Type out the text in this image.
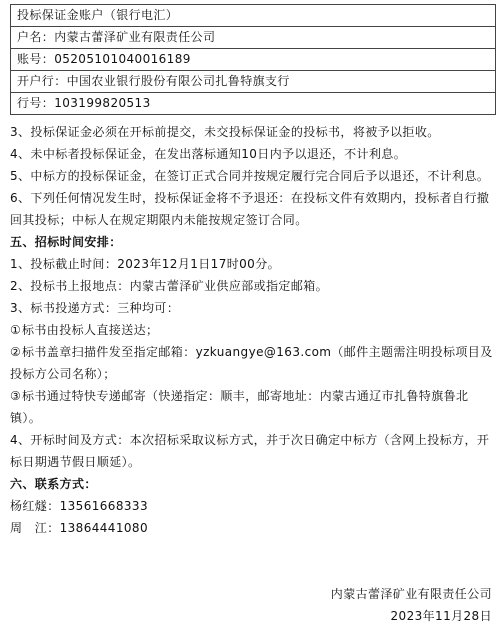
投标保证金账户（银行电汇）
户名：内蒙古蕾泽矿业有限责任公司
账号：05205101040016189
开户行：中国农业银行股份有限公司扎鲁特旗支行
行号：103199820513
3、投标保证金必须在开标前提交，未交投标保证金的投标书，将被予以拒收。
4、未中标者投标保证金，在发出落标通知10日内予以退还，不计利息。
5、中标方的投标保证金，在签订正式合同并按规定履行完合同后予以退还，不计利息。
6、下列任何情况发生时，投标保证金将不予退还：在投标文件有效期内，投标者自行撤回其投标；中标人在规定期限内未能按规定签订合同。
五、招标时间安排：
1、投标截止时间：2023年12月1日17时00分。
2、投标书上报地点：内蒙古蕾泽矿业供应部或指定邮箱。
3、标书投递方式：三种均可：
①标书由投标人直接送达；
②标书盖章扫描件发至指定邮箱：yzkuangye@163.com（邮件主题需注明投标项目及投标方公司名称）；
③标书通过特快专递邮寄（快递指定：顺丰，邮寄地址：内蒙古通辽市扎鲁特旗鲁北镇）。
4、开标时间及方式：本次招标采取议标方式，并于次日确定中标方（含网上投标方，开标日期遇节假日顺延）。
六、联系方式：
杨红燧：13561668333
周　江：13864441080
内蒙古蕾泽矿业有限责任公司
2023年11月28日
